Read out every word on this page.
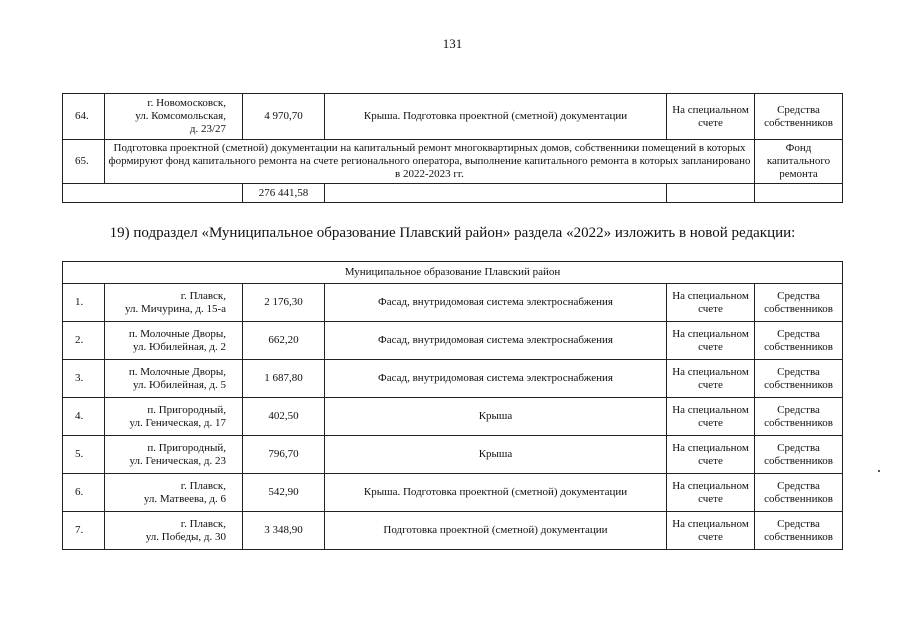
131
64.	г. Новомосковск,
ул. Комсомольская,
д. 23/27	4 970,70	Крыша. Подготовка проектной (сметной) документации	На специальном счете	Средства собственников
65.	Подготовка проектной (сметной) документации на капитальный ремонт многоквартирных домов, собственники помещений в которых формируют фонд капитального ремонта на счете регионального оператора, выполнение капитального ремонта в которых запланировано в 2022-2023 гг.				Фонд капитального ремонта
		276 441,58			
19) подраздел «Муниципальное образование Плавский район» раздела «2022» изложить в новой редакции:
Муниципальное образование Плавский район					
1.	г. Плавск,
ул. Мичурина, д. 15-а	2 176,30	Фасад, внутридомовая система электроснабжения	На специальном счете	Средства собственников
2.	п. Молочные Дворы,
ул. Юбилейная, д. 2	662,20	Фасад, внутридомовая система электроснабжения	На специальном счете	Средства собственников
3.	п. Молочные Дворы,
ул. Юбилейная, д. 5	1 687,80	Фасад, внутридомовая система электроснабжения	На специальном счете	Средства собственников
4.	п. Пригородный,
ул. Геническая, д. 17	402,50	Крыша	На специальном счете	Средства собственников
5.	п. Пригородный,
ул. Геническая, д. 23	796,70	Крыша	На специальном счете	Средства собственников
6.	г. Плавск,
ул. Матвеева, д. 6	542,90	Крыша. Подготовка проектной (сметной) документации	На специальном счете	Средства собственников
7.	г. Плавск,
ул. Победы, д. 30	3 348,90	Подготовка проектной (сметной) документации	На специальном счете	Средства собственников
